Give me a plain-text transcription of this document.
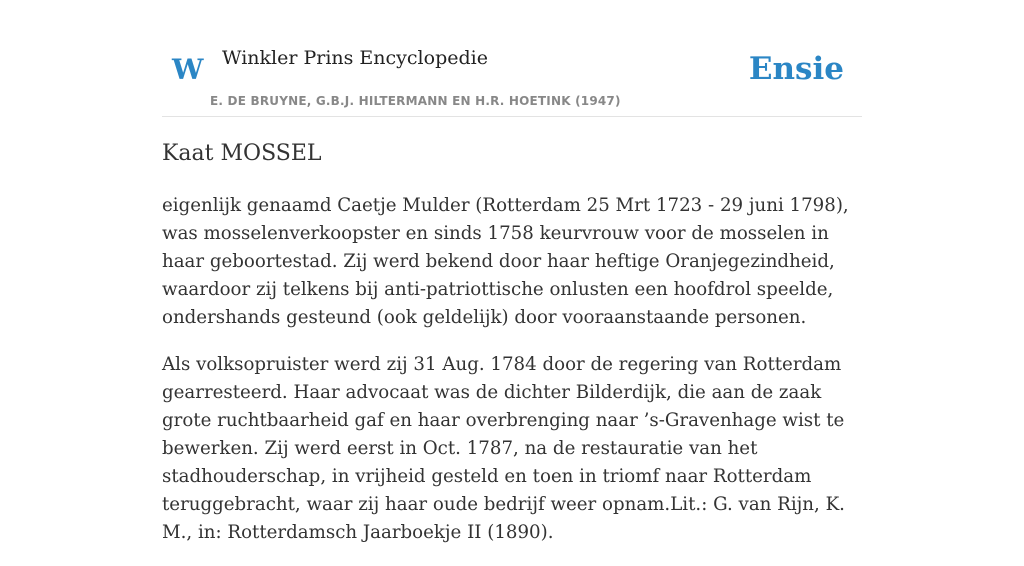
W Winkler Prins Encyclopedie
E. DE BRUYNE, G.B.J. HILTERMANN EN H.R. HOETINK (1947)
Ensie
Kaat MOSSEL

eigenlijk genaamd Caetje Mulder (Rotterdam 25 Mrt 1723 - 29 juni 1798), was mosselenverkoopster en sinds 1758 keurvrouw voor de mosselen in haar geboortestad. Zij werd bekend door haar heftige Oranjegezindheid, waardoor zij telkens bij anti-patriottische onlusten een hoofdrol speelde, ondershands gesteund (ook geldelijk) door vooraanstaande personen.

Als volksopruister werd zij 31 Aug. 1784 door de regering van Rotterdam gearresteerd. Haar advocaat was de dichter Bilderdijk, die aan de zaak grote ruchtbaarheid gaf en haar overbrenging naar ’s-Gravenhage wist te bewerken. Zij werd eerst in Oct. 1787, na de restauratie van het stadhouderschap, in vrijheid gesteld en toen in triomf naar Rotterdam teruggebracht, waar zij haar oude bedrijf weer opnam.Lit.: G. van Rijn, K. M., in: Rotterdamsch Jaarboekje II (1890).
